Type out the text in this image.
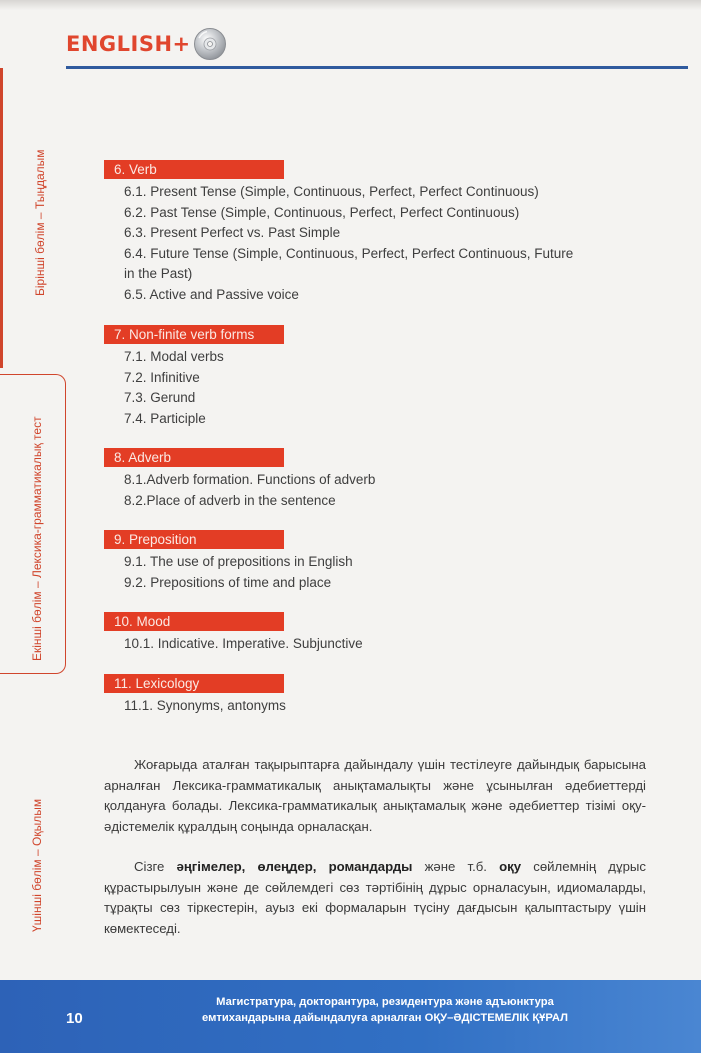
ENGLISH+
Бірінші бөлім – Тыңдалым
Екінші бөлім – Лексика-грамматикалық тест
Үшінші бөлім – Оқылым
6. Verb
6.1. Present Tense (Simple, Continuous, Perfect, Perfect Continuous)
6.2. Past Tense (Simple, Continuous, Perfect, Perfect Continuous)
6.3. Present Perfect vs. Past Simple
6.4. Future Tense (Simple, Continuous, Perfect, Perfect Continuous, Future in the Past)
6.5. Active and Passive voice
7. Non-finite verb forms
7.1. Modal verbs
7.2. Infinitive
7.3. Gerund
7.4. Participle
8. Adverb
8.1.Adverb formation. Functions of adverb
8.2.Place of adverb in the sentence
9. Preposition
9.1. The use of prepositions in English
9.2. Prepositions of time and place
10. Mood
10.1. Indicative. Imperative. Subjunctive
11. Lexicology
11.1. Synonyms, antonyms

Жоғарыда аталған тақырыптарға дайындалу үшін тестілеуге дайындық барысына арналған Лексика-грамматикалық анықтамалықты және ұсынылған әдебиеттерді қолдануға болады. Лексика-грамматикалық анықтамалық және әдебиеттер тізімі оқу-әдістемелік құралдың соңында орналасқан.

Сізге әңгімелер, өлеңдер, романдарды және т.б. оқу сөйлемнің дұрыс құрастырылуын және де сөйлемдегі сөз тәртібінің дұрыс орналасуын, идиомаларды, тұрақты сөз тіркестерін, ауыз екі формаларын түсіну дағдысын қалыптастыру үшін көмектеседі.

10
Магистратура, докторантура, резидентура және адъюнктура
емтихандарына дайындалуға арналған ОҚУ–ӘДІСТЕМЕЛІК ҚҰРАЛ
